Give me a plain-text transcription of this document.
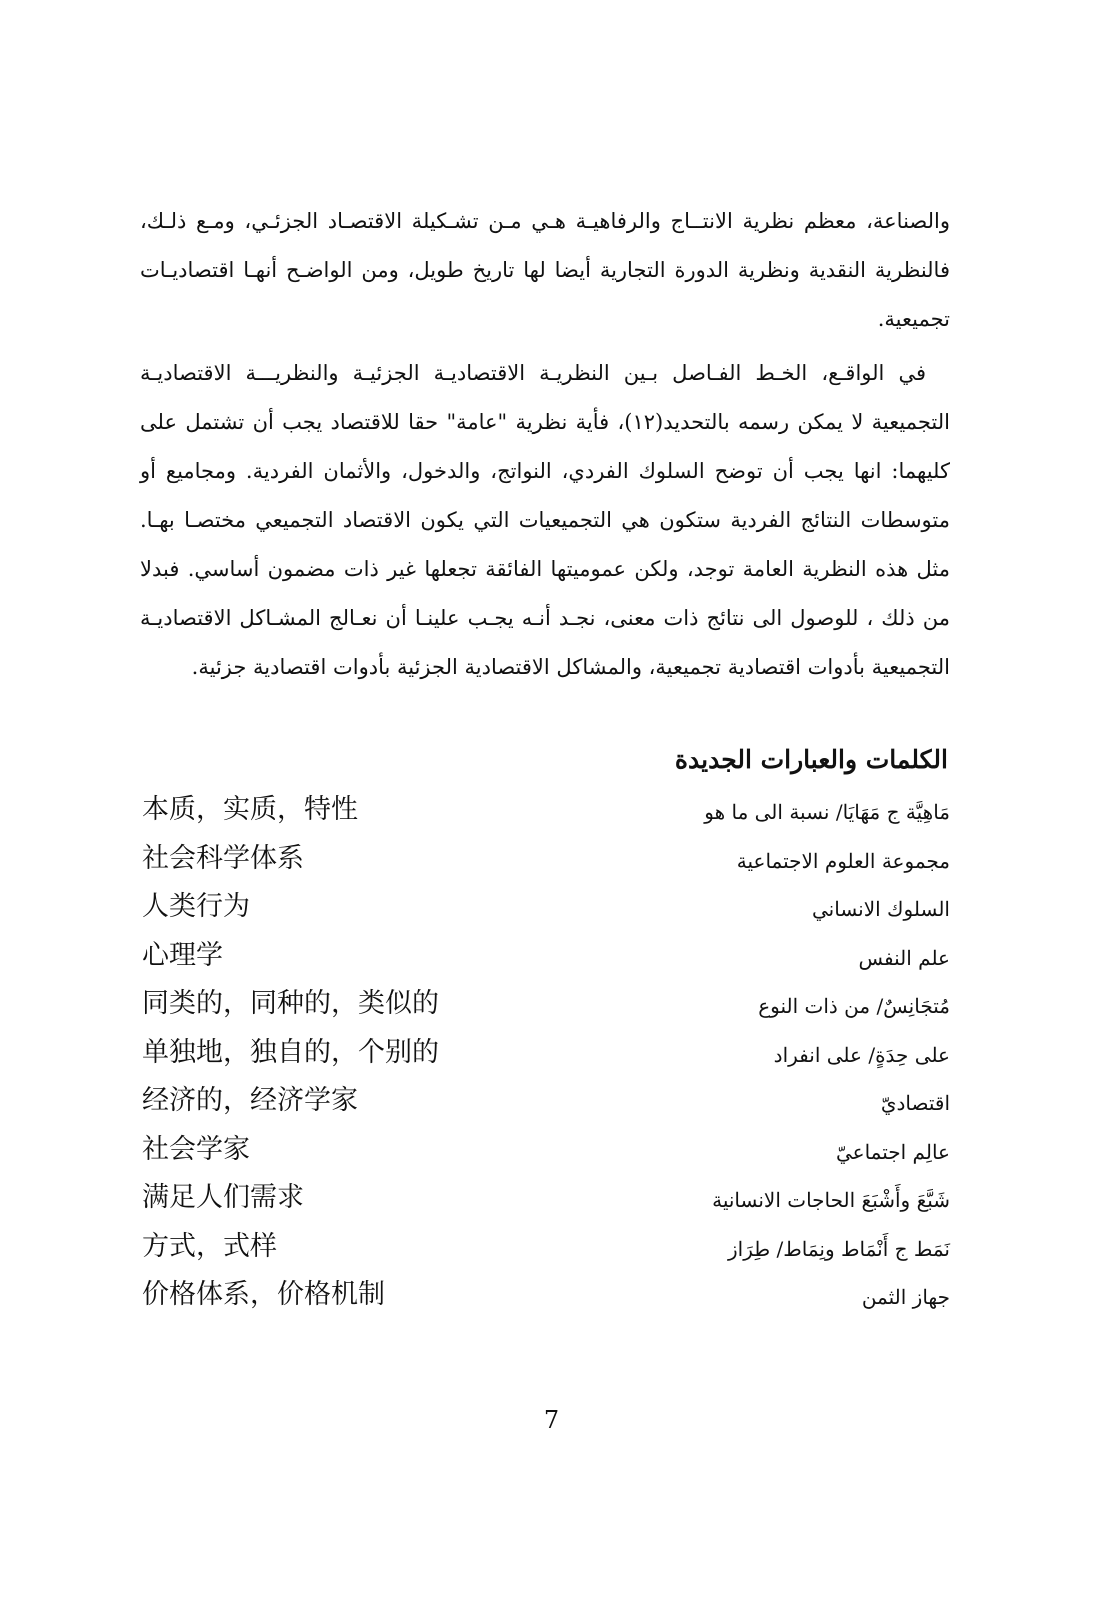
والصناعة، معظم نظرية الانتــاج والرفاهيـة هـي مـن تشـكيلة الاقتصـاد الجزئـي، ومـع ذلـك، فالنظرية النقدية ونظرية الدورة التجارية أيضا لها تاريخ طويل، ومن الواضـح أنهـا اقتصاديـات تجميعية.

في الواقـع، الخـط الفـاصل بـين النظريـة الاقتصاديـة الجزئيـة والنظريـــة الاقتصاديـة التجميعية لا يمكن رسمه بالتحديد(١٢)، فأية نظرية "عامة" حقا للاقتصاد يجب أن تشتمل على كليهما: انها يجب أن توضح السلوك الفردي، النواتج، والدخول، والأثمان الفردية. ومجاميع أو متوسطات النتائج الفردية ستكون هي التجميعيات التي يكون الاقتصاد التجميعي مختصـا بهـا. مثل هذه النظرية العامة توجد، ولكن عموميتها الفائقة تجعلها غير ذات مضمون أساسي. فبدلا من ذلك ، للوصول الى نتائج ذات معنى، نجـد أنـه يجـب علينـا أن نعـالج المشـاكل الاقتصاديـة التجميعية بأدوات اقتصادية تجميعية، والمشاكل الاقتصادية الجزئية بأدوات اقتصادية جزئية.

الكلمات والعبارات الجديدة
本质，实质，特性	مَاهِيَّة ج مَهَايَا/ نسبة الى ما هو
社会科学体系	مجموعة العلوم الاجتماعية
人类行为	السلوك الانساني
心理学	علم النفس
同类的，同种的，类似的	مُتجَانِسٌ/ من ذات النوع
单独地，独自的，个别的	على حِدَةٍ/ على انفراد
经济的，经济学家	اقتصاديّ
社会学家	عالِم اجتماعيّ
满足人们需求	شَبَّعَ وأَشْبَعَ الحاجات الانسانية
方式，式样	نَمَط ج أَنْمَاط ونِمَاط/ طِرَاز
价格体系，价格机制	جهاز الثمن
7
